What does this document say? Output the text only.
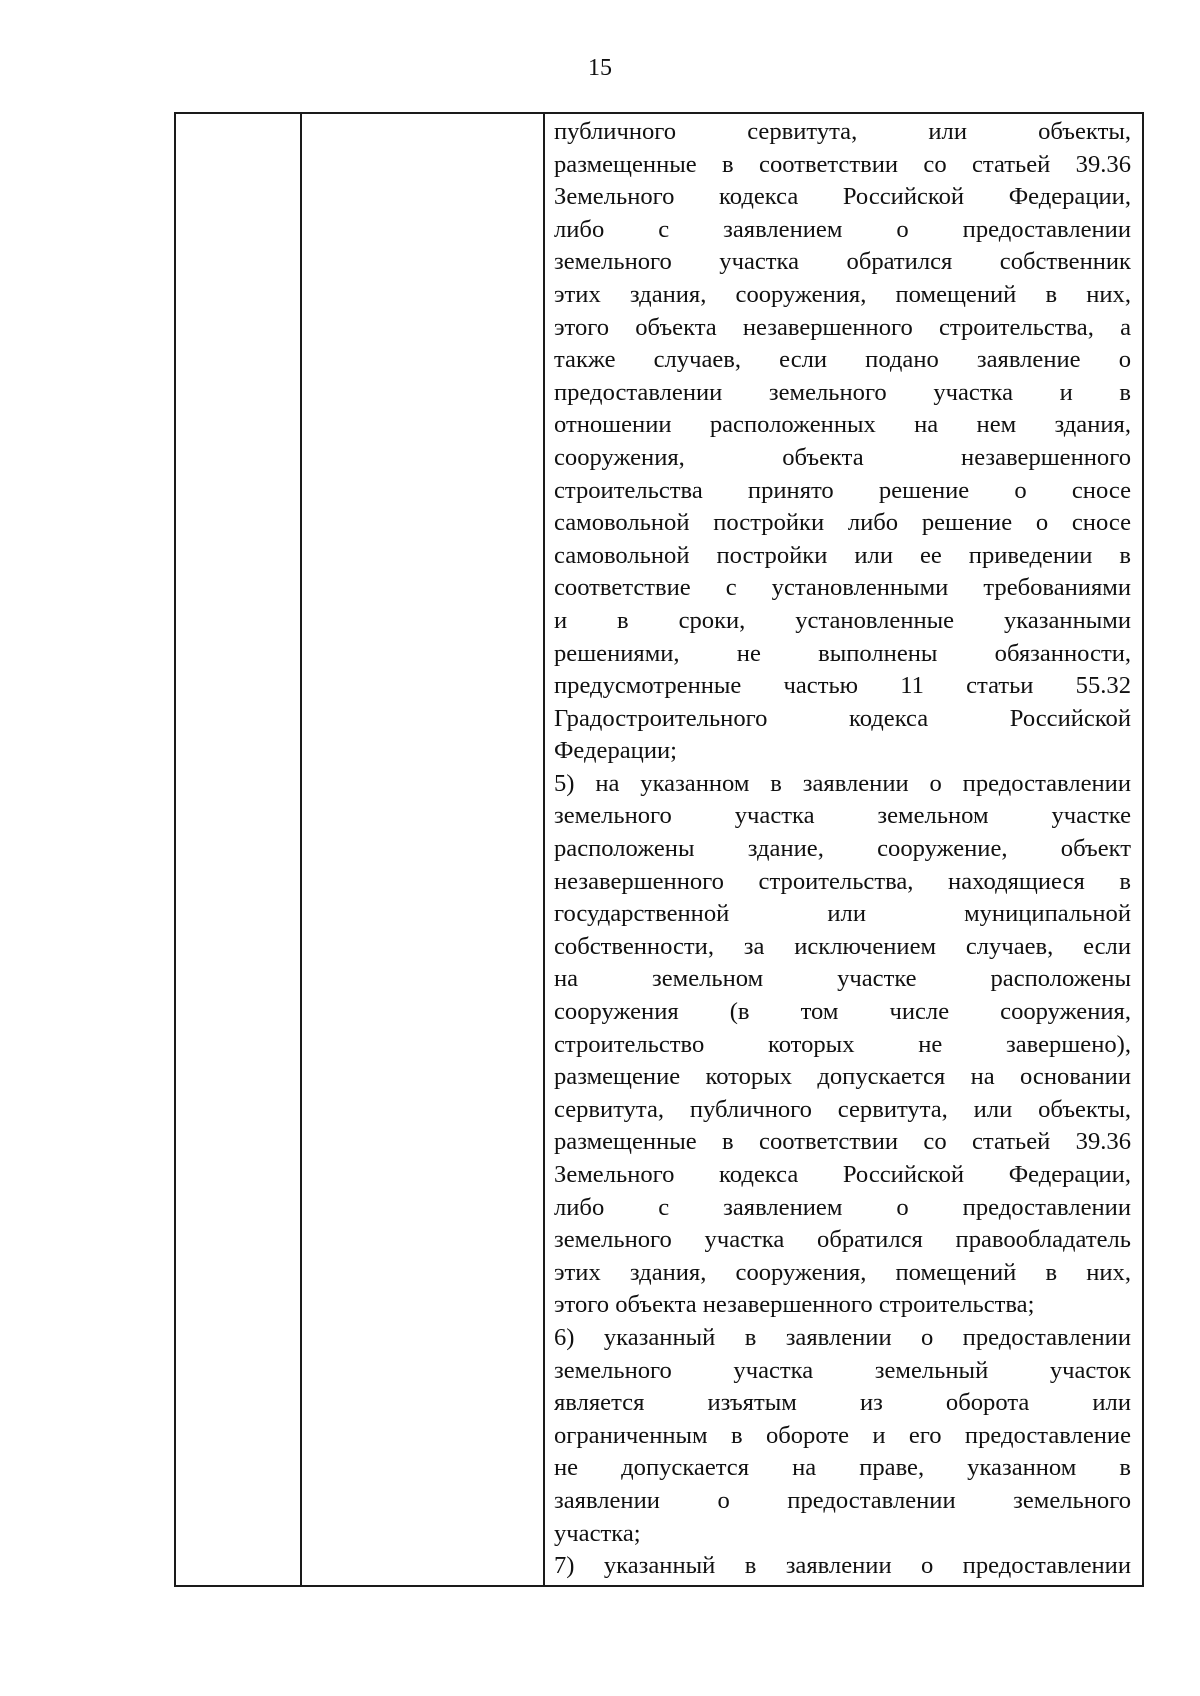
15
публичного сервитута, или объекты,
размещенные в соответствии со статьей 39.36
Земельного кодекса Российской Федерации,
либо с заявлением о предоставлении
земельного участка обратился собственник
этих здания, сооружения, помещений в них,
этого объекта незавершенного строительства, а
также случаев, если подано заявление о
предоставлении земельного участка и в
отношении расположенных на нем здания,
сооружения, объекта незавершенного
строительства принято решение о сносе
самовольной постройки либо решение о сносе
самовольной постройки или ее приведении в
соответствие с установленными требованиями
и в сроки, установленные указанными
решениями, не выполнены обязанности,
предусмотренные частью 11 статьи 55.32
Градостроительного кодекса Российской
Федерации;
5) на указанном в заявлении о предоставлении
земельного участка земельном участке
расположены здание, сооружение, объект
незавершенного строительства, находящиеся в
государственной или муниципальной
собственности, за исключением случаев, если
на земельном участке расположены
сооружения (в том числе сооружения,
строительство которых не завершено),
размещение которых допускается на основании
сервитута, публичного сервитута, или объекты,
размещенные в соответствии со статьей 39.36
Земельного кодекса Российской Федерации,
либо с заявлением о предоставлении
земельного участка обратился правообладатель
этих здания, сооружения, помещений в них,
этого объекта незавершенного строительства;
6) указанный в заявлении о предоставлении
земельного участка земельный участок
является изъятым из оборота или
ограниченным в обороте и его предоставление
не допускается на праве, указанном в
заявлении о предоставлении земельного
участка;
7) указанный в заявлении о предоставлении
